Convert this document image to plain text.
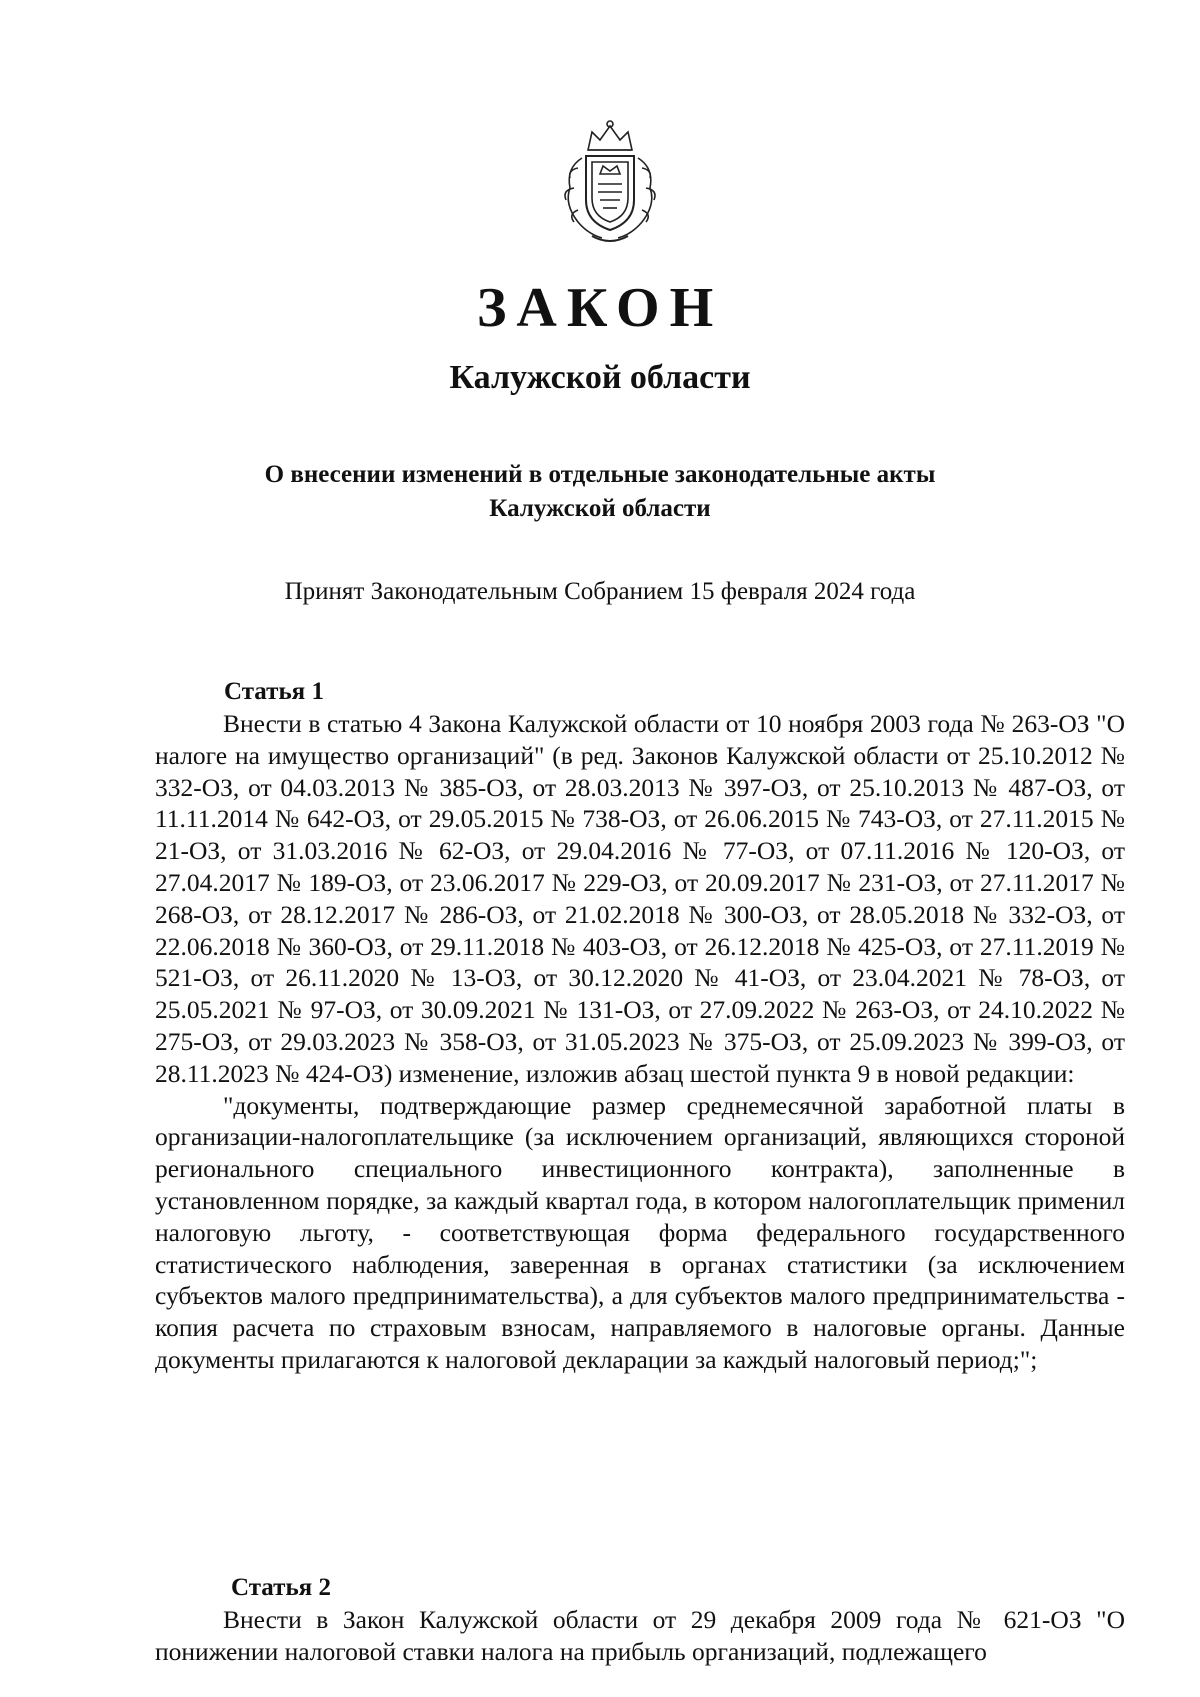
ЗАКОН
Калужской области
О внесении изменений в отдельные законодательные акты
Калужской области
Принят Законодательным Собранием 15 февраля 2024 года
Статья 1

Внести в статью 4 Закона Калужской области от 10 ноября 2003 года № 263-ОЗ "О налоге на имущество организаций" (в ред. Законов Калужской области от 25.10.2012 № 332-ОЗ, от 04.03.2013 № 385-ОЗ, от 28.03.2013 № 397-ОЗ, от 25.10.2013 № 487-ОЗ, от 11.11.2014 № 642-ОЗ, от 29.05.2015 № 738-ОЗ, от 26.06.2015 № 743-ОЗ, от 27.11.2015 № 21-ОЗ, от 31.03.2016 № 62-ОЗ, от 29.04.2016 № 77-ОЗ, от 07.11.2016 № 120-ОЗ, от 27.04.2017 № 189-ОЗ, от 23.06.2017 № 229-ОЗ, от 20.09.2017 № 231-ОЗ, от 27.11.2017 № 268-ОЗ, от 28.12.2017 № 286-ОЗ, от 21.02.2018 № 300-ОЗ, от 28.05.2018 № 332-ОЗ, от 22.06.2018 № 360-ОЗ, от 29.11.2018 № 403-ОЗ, от 26.12.2018 № 425-ОЗ, от 27.11.2019 № 521-ОЗ, от 26.11.2020 № 13-ОЗ, от 30.12.2020 № 41-ОЗ, от 23.04.2021 № 78-ОЗ, от 25.05.2021 № 97-ОЗ, от 30.09.2021 № 131-ОЗ, от 27.09.2022 № 263-ОЗ, от 24.10.2022 № 275-ОЗ, от 29.03.2023 № 358-ОЗ, от 31.05.2023 № 375-ОЗ, от 25.09.2023 № 399-ОЗ, от 28.11.2023 № 424-ОЗ) изменение, изложив абзац шестой пункта 9 в новой редакции:

"документы, подтверждающие размер среднемесячной заработной платы в организации-налогоплательщике (за исключением организаций, являющихся стороной регионального специального инвестиционного контракта), заполненные в установленном порядке, за каждый квартал года, в котором налогоплательщик применил налоговую льготу, - соответствующая форма федерального государственного статистического наблюдения, заверенная в органах статистики (за исключением субъектов малого предпринимательства), а для субъектов малого предпринимательства - копия расчета по страховым взносам, направляемого в налоговые органы. Данные документы прилагаются к налоговой декларации за каждый налоговый период;";

Статья 2

Внести в Закон Калужской области от 29 декабря 2009 года № 621-ОЗ "О понижении налоговой ставки налога на прибыль организаций, подлежащего
